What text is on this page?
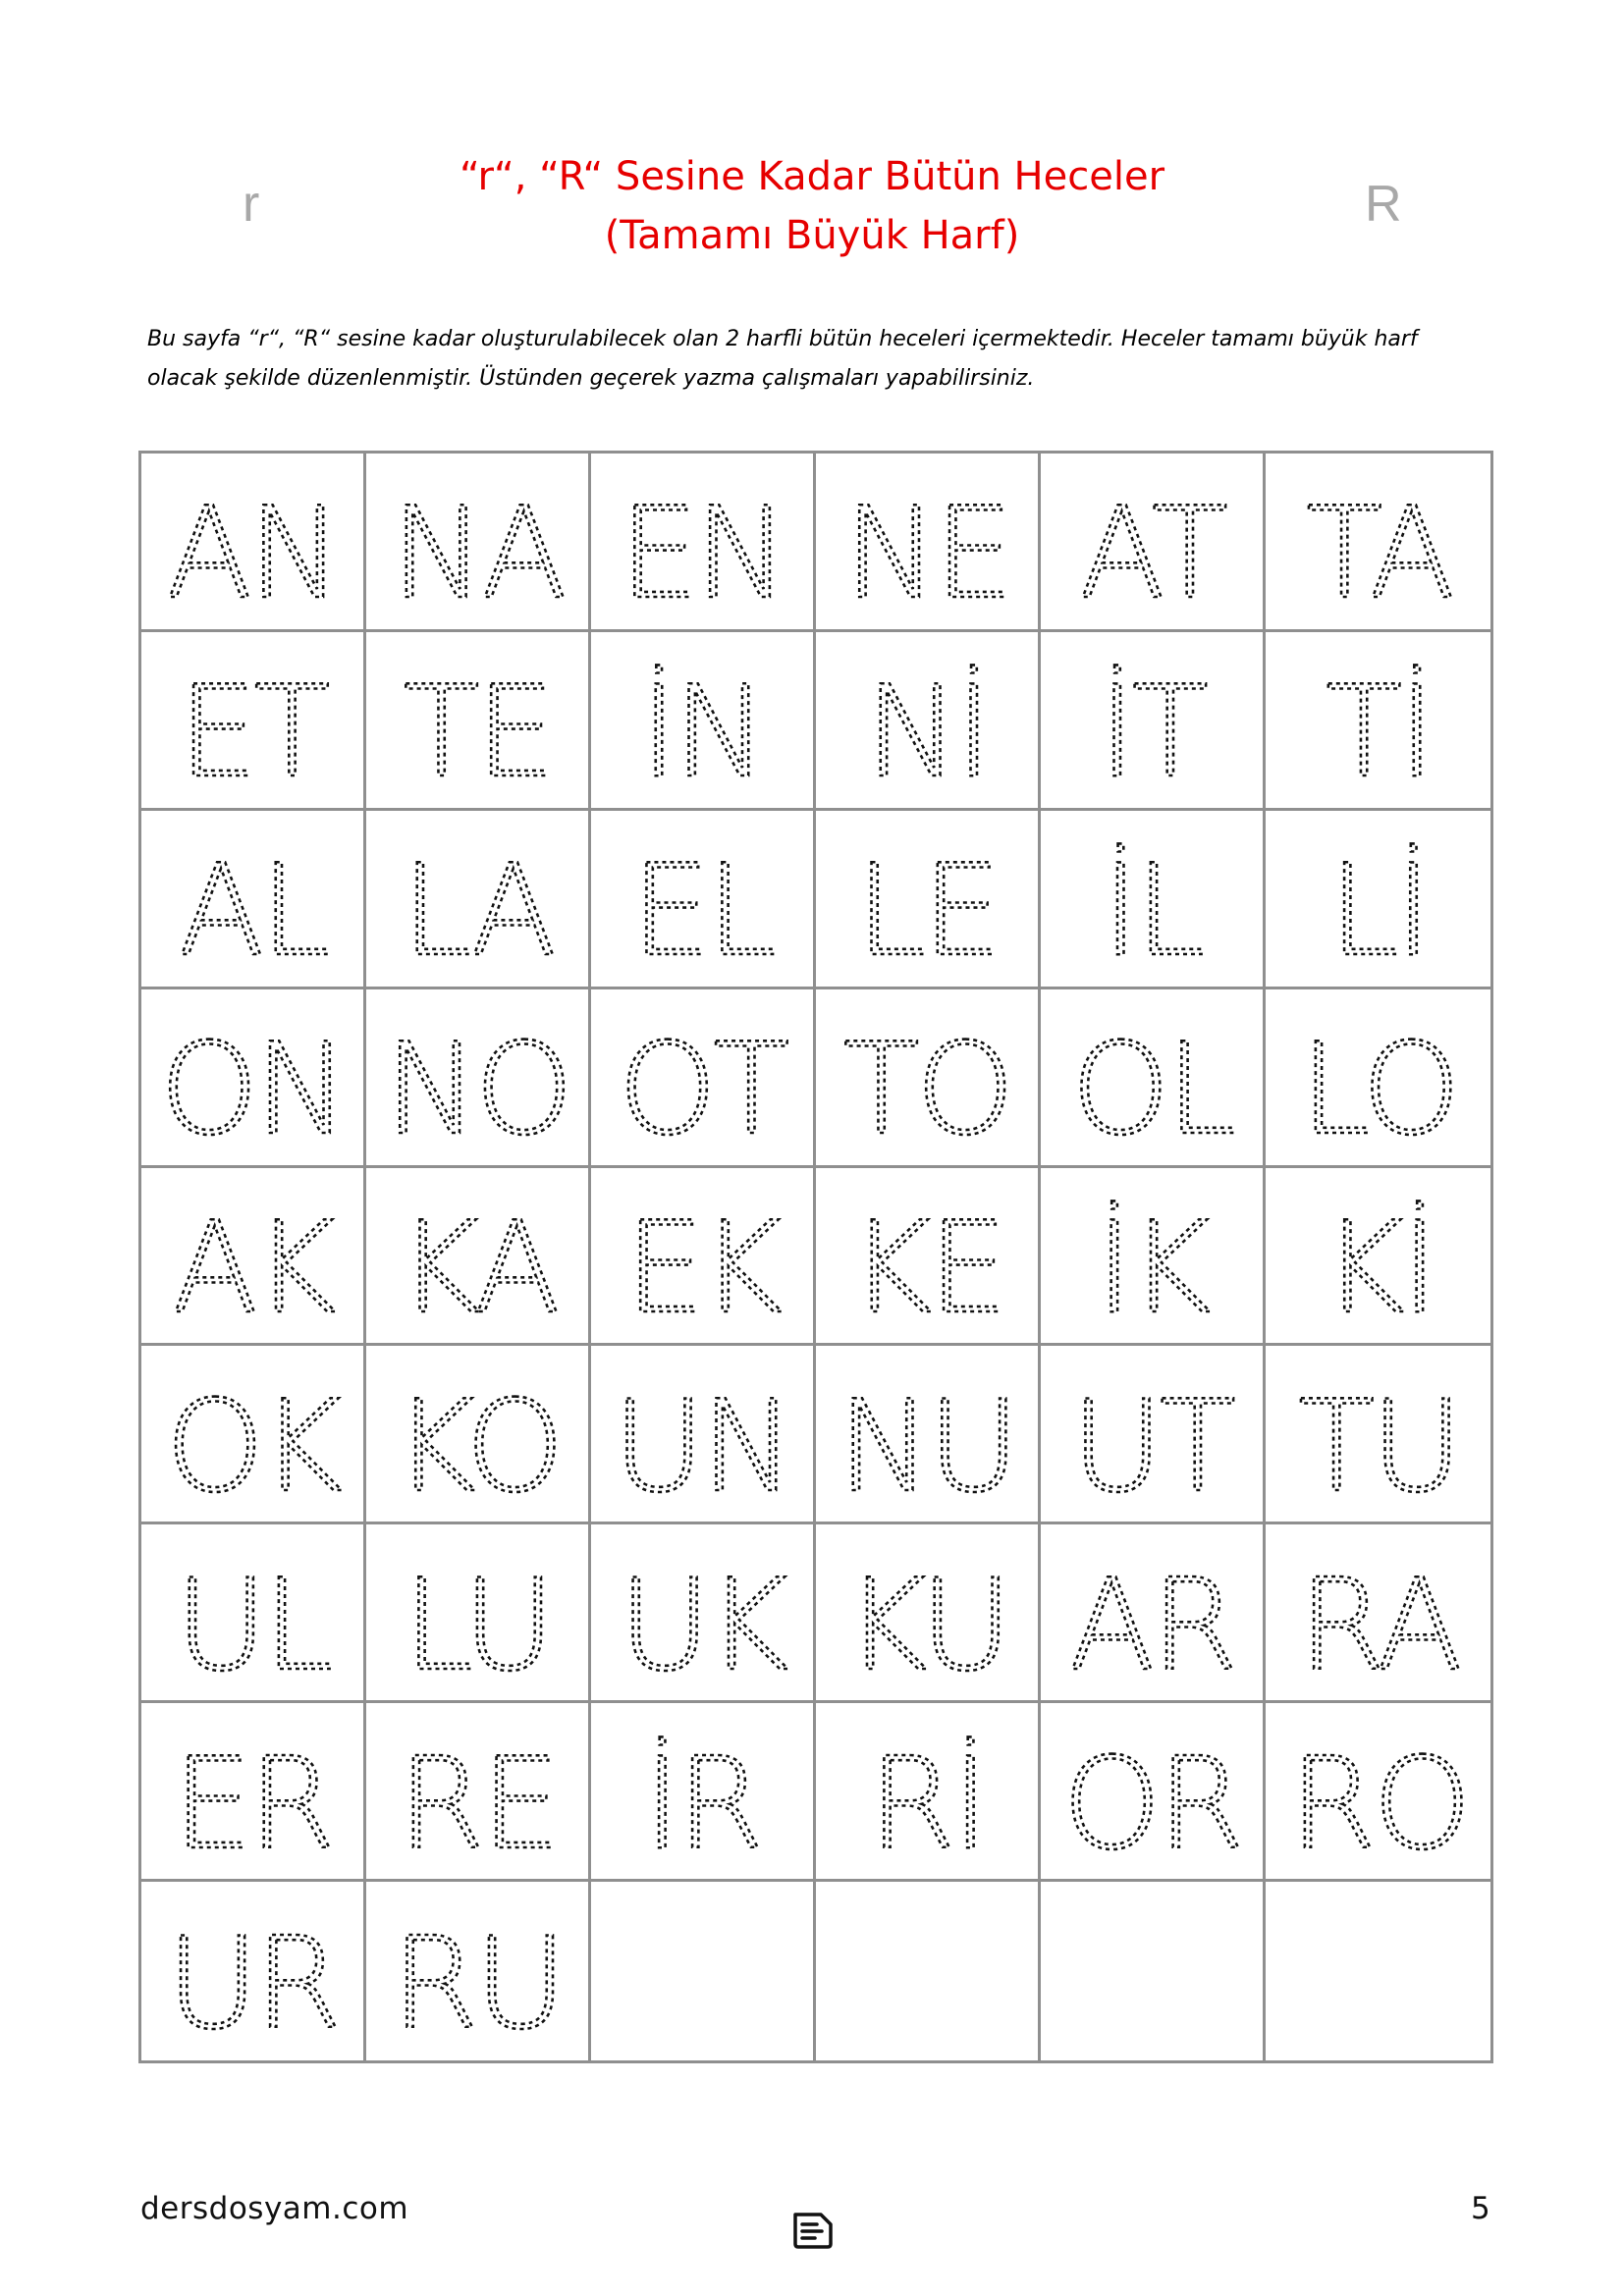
r	R
“r“, “R“ Sesine Kadar Bütün Heceler (Tamamı Büyük Harf)
Bu sayfa “r“, “R“ sesine kadar oluşturulabilecek olan 2 harfli bütün heceleri içermektedir. Heceler tamamı büyük harf olacak şekilde düzenlenmiştir. Üstünden geçerek yazma çalışmaları yapabilirsiniz.
AN NA EN NE AT TA
ET TE İN Nİ İT Tİ
AL LA EL LE İL Lİ
ON NO OT TO OL LO
AK KA EK KE İK Kİ
OK KO UN NU UT TU
UL LU UK KU AR RA
ER RE İR Rİ OR RO
UR RU
dersdosyam.com	5
